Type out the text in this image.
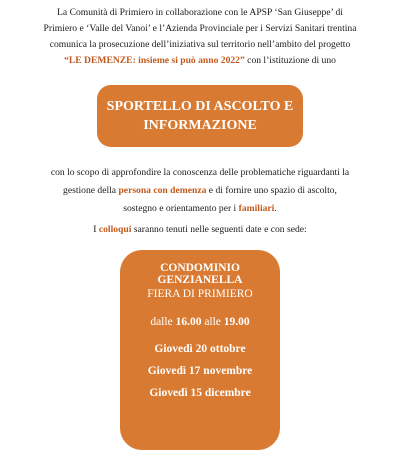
La Comunità di Primiero in collaborazione con le APSP ‘San Giuseppe’ di
Primiero e ‘Valle del Vanoi’ e l’Azienda Provinciale per i Servizi Sanitari trentina
comunica la prosecuzione dell’iniziativa sul territorio nell’ambito del progetto
“LE DEMENZE: insieme si può anno 2022” con l’istituzione di uno
SPORTELLO DI ASCOLTO E
INFORMAZIONE
con lo scopo di approfondire la conoscenza delle problematiche riguardanti la
gestione della persona con demenza e di fornire uno spazio di ascolto,
sostegno e orientamento per i familiari.
I colloqui saranno tenuti nelle seguenti date e con sede:
CONDOMINIO
GENZIANELLA
FIERA DI PRIMIERO
dalle 16.00 alle 19.00
Giovedì 20 ottobre
Giovedì 17 novembre
Giovedì 15 dicembre
